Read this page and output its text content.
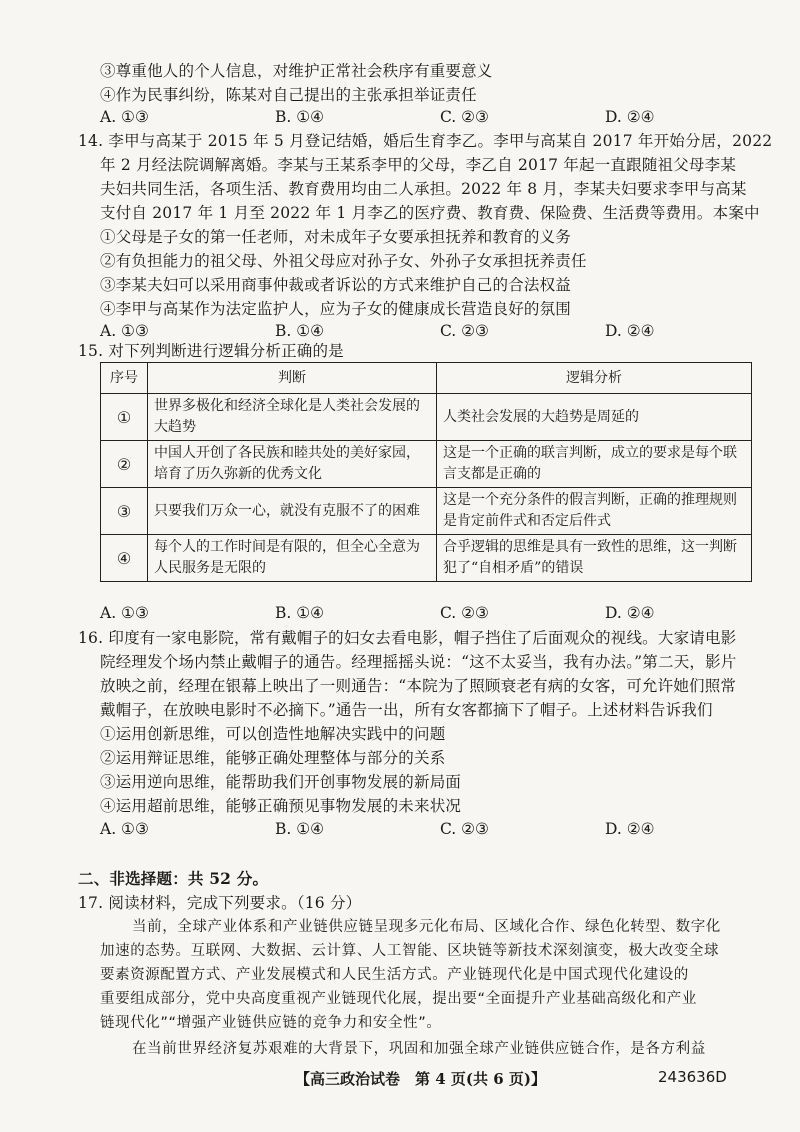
③尊重他人的个人信息，对维护正常社会秩序有重要意义
④作为民事纠纷，陈某对自己提出的主张承担举证责任
A. ①③	B. ①④	C. ②③	D. ②④
14. 李甲与高某于 2015 年 5 月登记结婚，婚后生育李乙。李甲与高某自 2017 年开始分居，2022
年 2 月经法院调解离婚。李某与王某系李甲的父母，李乙自 2017 年起一直跟随祖父母李某
夫妇共同生活，各项生活、教育费用均由二人承担。2022 年 8 月，李某夫妇要求李甲与高某
支付自 2017 年 1 月至 2022 年 1 月李乙的医疗费、教育费、保险费、生活费等费用。本案中
①父母是子女的第一任老师，对未成年子女要承担抚养和教育的义务
②有负担能力的祖父母、外祖父母应对孙子女、外孙子女承担抚养责任
③李某夫妇可以采用商事仲裁或者诉讼的方式来维护自己的合法权益
④李甲与高某作为法定监护人，应为子女的健康成长营造良好的氛围
A. ①③	B. ①④	C. ②③	D. ②④
15. 对下列判断进行逻辑分析正确的是
序号	判断	逻辑分析
①	世界多极化和经济全球化是人类社会发展的大趋势	人类社会发展的大趋势是周延的
②	中国人开创了各民族和睦共处的美好家园，培育了历久弥新的优秀文化	这是一个正确的联言判断，成立的要求是每个联言支都是正确的
③	只要我们万众一心，就没有克服不了的困难	这是一个充分条件的假言判断，正确的推理规则是肯定前件式和否定后件式
④	每个人的工作时间是有限的，但全心全意为人民服务是无限的	合乎逻辑的思维是具有一致性的思维，这一判断犯了“自相矛盾”的错误
A. ①③	B. ①④	C. ②③	D. ②④
16. 印度有一家电影院，常有戴帽子的妇女去看电影，帽子挡住了后面观众的视线。大家请电影
院经理发个场内禁止戴帽子的通告。经理摇摇头说：“这不太妥当，我有办法。”第二天，影片
放映之前，经理在银幕上映出了一则通告：“本院为了照顾衰老有病的女客，可允许她们照常
戴帽子，在放映电影时不必摘下。”通告一出，所有女客都摘下了帽子。上述材料告诉我们
①运用创新思维，可以创造性地解决实践中的问题
②运用辩证思维，能够正确处理整体与部分的关系
③运用逆向思维，能帮助我们开创事物发展的新局面
④运用超前思维，能够正确预见事物发展的未来状况
A. ①③	B. ①④	C. ②③	D. ②④
二、非选择题：共 52 分。
17. 阅读材料，完成下列要求。（16 分）
当前，全球产业体系和产业链供应链呈现多元化布局、区域化合作、绿色化转型、数字化
加速的态势。互联网、大数据、云计算、人工智能、区块链等新技术深刻演变，极大改变全球
要素资源配置方式、产业发展模式和人民生活方式。产业链现代化是中国式现代化建设的
重要组成部分，党中央高度重视产业链现代化展，提出要“全面提升产业基础高级化和产业
链现代化”“增强产业链供应链的竞争力和安全性”。
在当前世界经济复苏艰难的大背景下，巩固和加强全球产业链供应链合作，是各方利益
【高三政治试卷　第 4 页(共 6 页)】	243636D
